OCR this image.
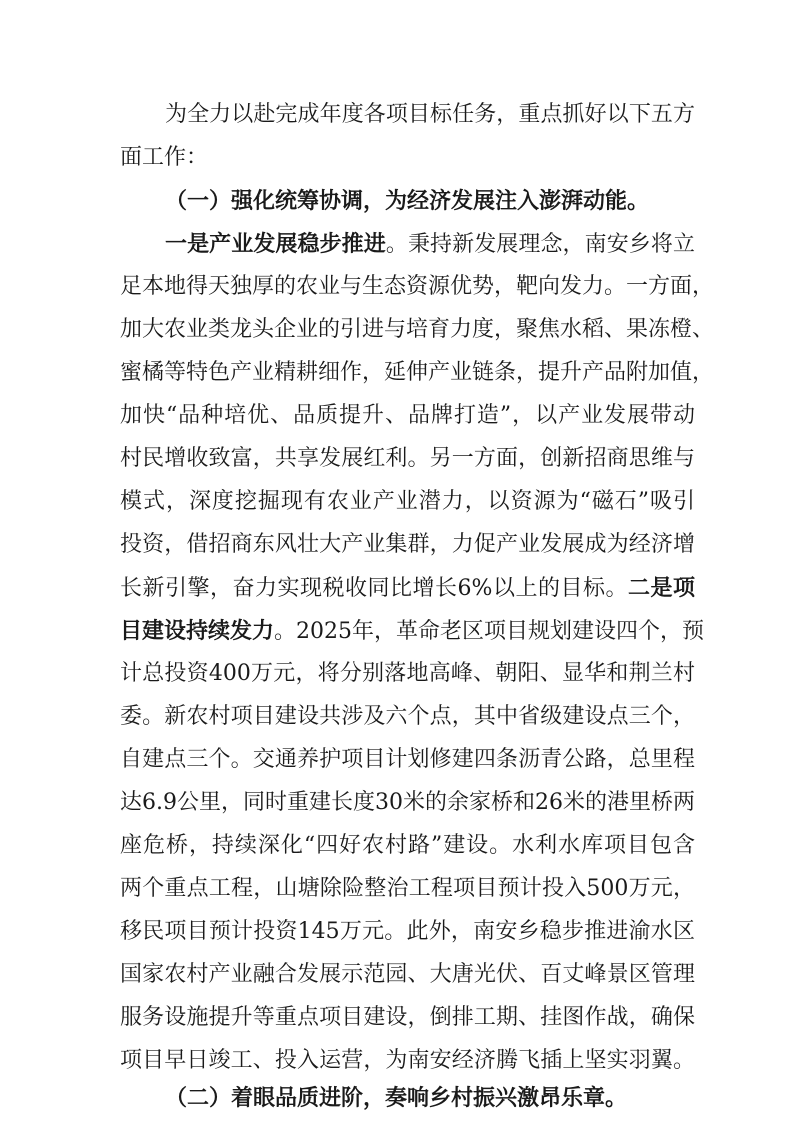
为全力以赴完成年度各项目标任务，重点抓好以下五方
面工作：
（一）强化统筹协调，为经济发展注入澎湃动能。
一是产业发展稳步推进。秉持新发展理念，南安乡将立
足本地得天独厚的农业与生态资源优势，靶向发力。一方面，
加大农业类龙头企业的引进与培育力度，聚焦水稻、果冻橙、
蜜橘等特色产业精耕细作，延伸产业链条，提升产品附加值，
加快“品种培优、品质提升、品牌打造”，以产业发展带动
村民增收致富，共享发展红利。另一方面，创新招商思维与
模式，深度挖掘现有农业产业潜力，以资源为“磁石”吸引
投资，借招商东风壮大产业集群，力促产业发展成为经济增
长新引擎，奋力实现税收同比增长6%以上的目标。二是项
目建设持续发力。2025年，革命老区项目规划建设四个，预
计总投资400万元，将分别落地高峰、朝阳、显华和荆兰村
委。新农村项目建设共涉及六个点，其中省级建设点三个，
自建点三个。交通养护项目计划修建四条沥青公路，总里程
达6.9公里，同时重建长度30米的余家桥和26米的港里桥两
座危桥，持续深化“四好农村路”建设。水利水库项目包含
两个重点工程，山塘除险整治工程项目预计投入500万元，
移民项目预计投资145万元。此外，南安乡稳步推进渝水区
国家农村产业融合发展示范园、大唐光伏、百丈峰景区管理
服务设施提升等重点项目建设，倒排工期、挂图作战，确保
项目早日竣工、投入运营，为南安经济腾飞插上坚实羽翼。
（二）着眼品质进阶，奏响乡村振兴激昂乐章。
